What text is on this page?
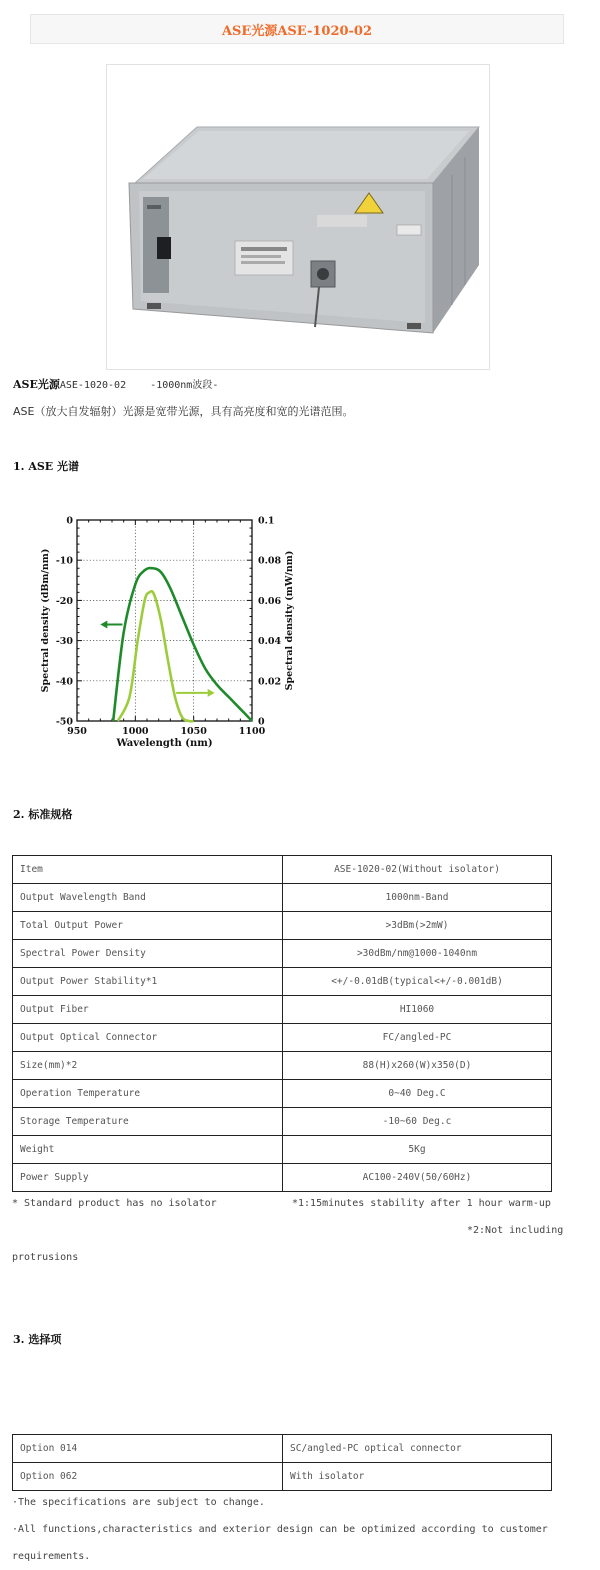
ASE光源ASE-1020-02
ASE光源ASE-1020-02    -1000nm波段-
ASE（放大自发辐射）光源是宽带光源，具有高亮度和宽的光谱范围。
1. ASE 光谱
950	1000	1050	1100
0
-10
-20
-30
-40
-50
0.1
0.08
0.06
0.04
0.02
0
Wavelength (nm)
Spectral density (dBm/nm)	Spectral density (mW/nm)
2. 标准规格
Item	ASE-1020-02(Without isolator)
Output Wavelength Band	1000nm-Band
Total Output Power	>3dBm(>2mW)
Spectral Power Density	>30dBm/nm@1000-1040nm
Output Power Stability*1	<+/-0.01dB(typical<+/-0.001dB)
Output Fiber	HI1060
Output Optical Connector	FC/angled-PC
Size(mm)*2	88(H)x260(W)x350(D)
Operation Temperature	0~40 Deg.C
Storage Temperature	-10~60 Deg.c
Weight	5Kg
Power Supply	AC100-240V(50/60Hz)
* Standard product has no isolator	*1:15minutes stability after 1 hour warm-up
*2:Not including
protrusions
3. 选择项
Option 014	SC/angled-PC optical connector
Option 062	With isolator
·The specifications are subject to change.
·All functions,characteristics and exterior design can be optimized according to customer
requirements.
